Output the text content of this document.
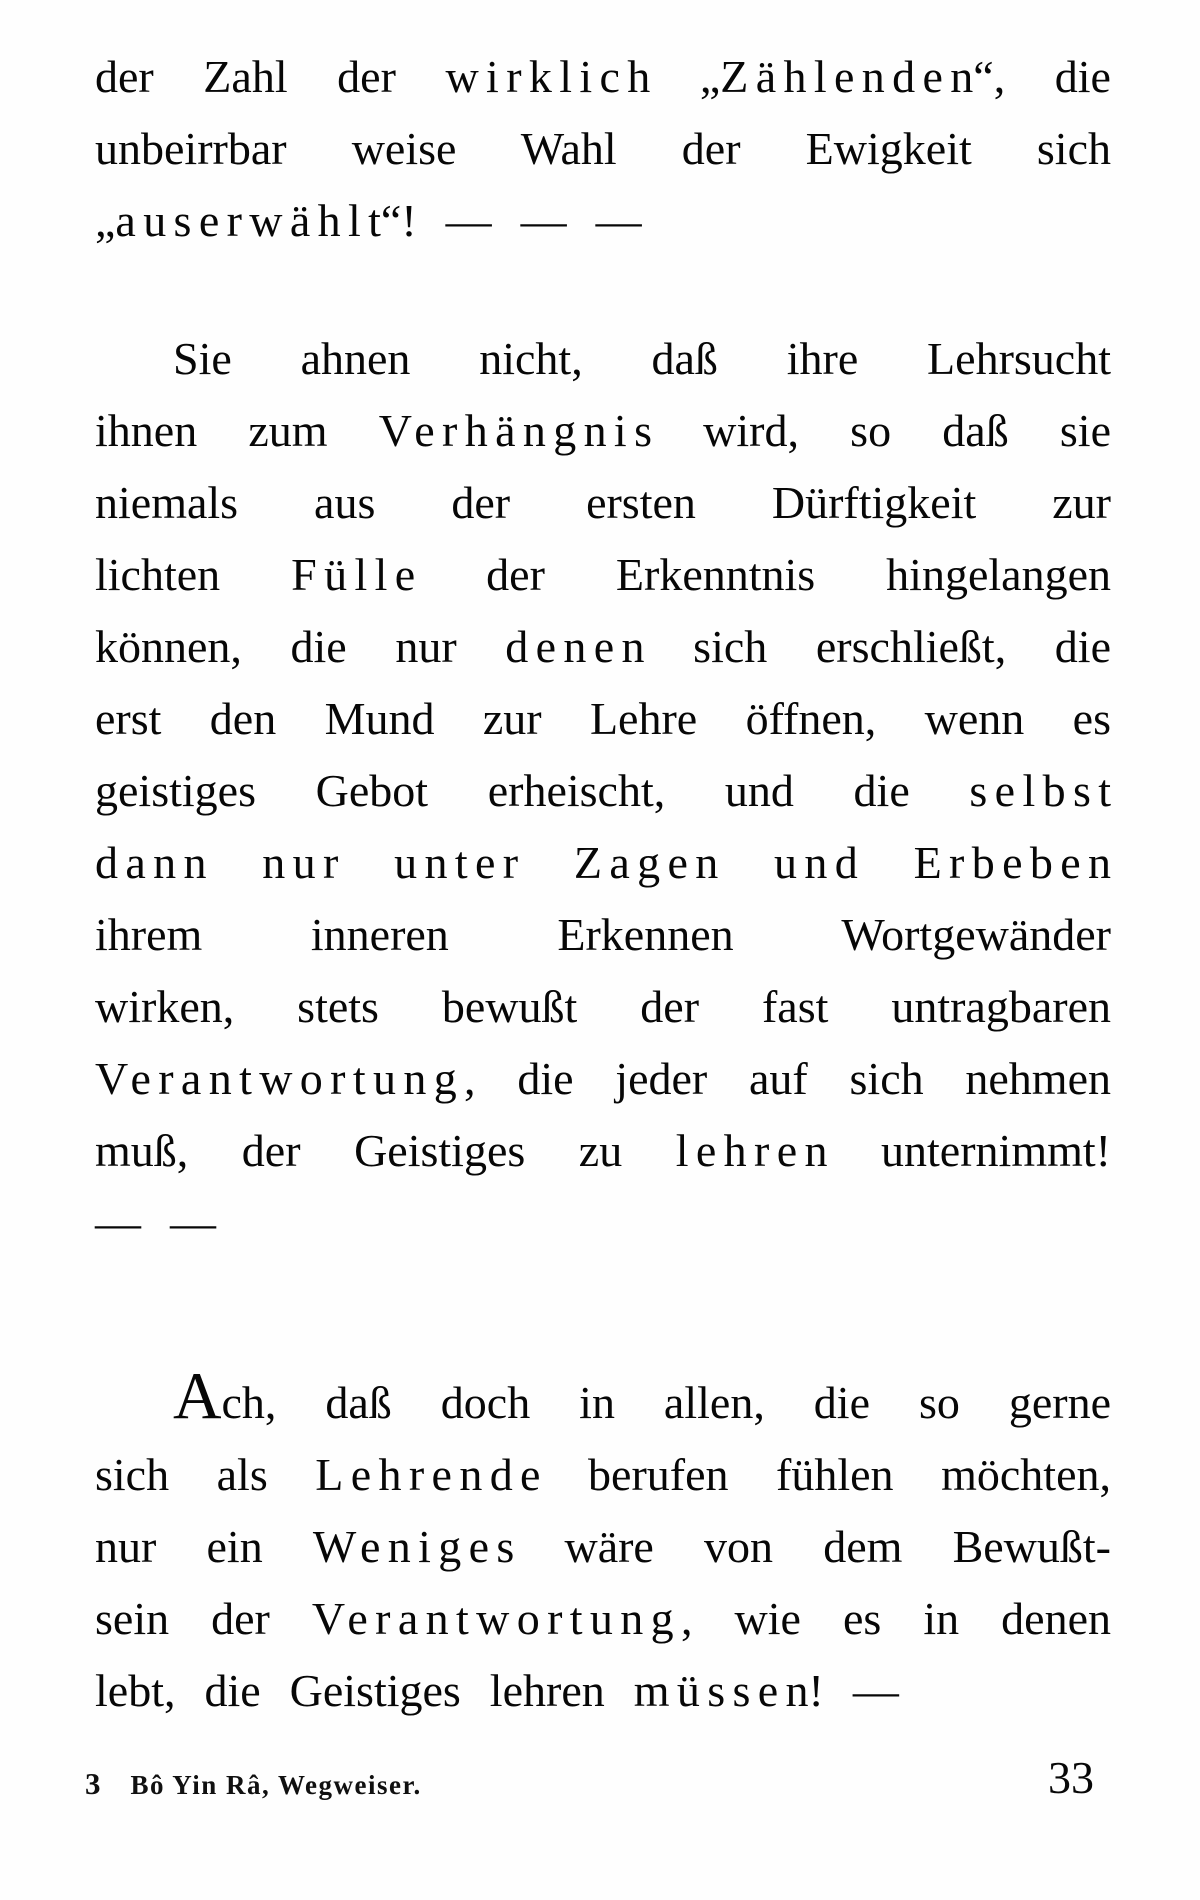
der Zahl der wirklich „Zählenden“, die
unbeirrbar weise Wahl der Ewigkeit sich
„auserwählt“! — — —
Sie ahnen nicht, daß ihre Lehrsucht
ihnen zum Verhängnis wird, so daß sie
niemals aus der ersten Dürftigkeit zur
lichten Fülle der Erkenntnis hingelangen
können, die nur denen sich erschließt, die
erst den Mund zur Lehre öffnen, wenn es
geistiges Gebot erheischt, und die selbst
dann nur unter Zagen und Erbeben
ihrem inneren Erkennen Wortgewänder
wirken, stets bewußt der fast untragbaren
Verantwortung, die jeder auf sich nehmen
muß, der Geistiges zu lehren unternimmt!
— —
Ach, daß doch in allen, die so gerne
sich als Lehrende berufen fühlen möchten,
nur ein Weniges wäre von dem Bewußt-
sein der Verantwortung, wie es in denen
lebt, die Geistiges lehren müssen! —
3 Bô Yin Râ, Wegweiser.	33
